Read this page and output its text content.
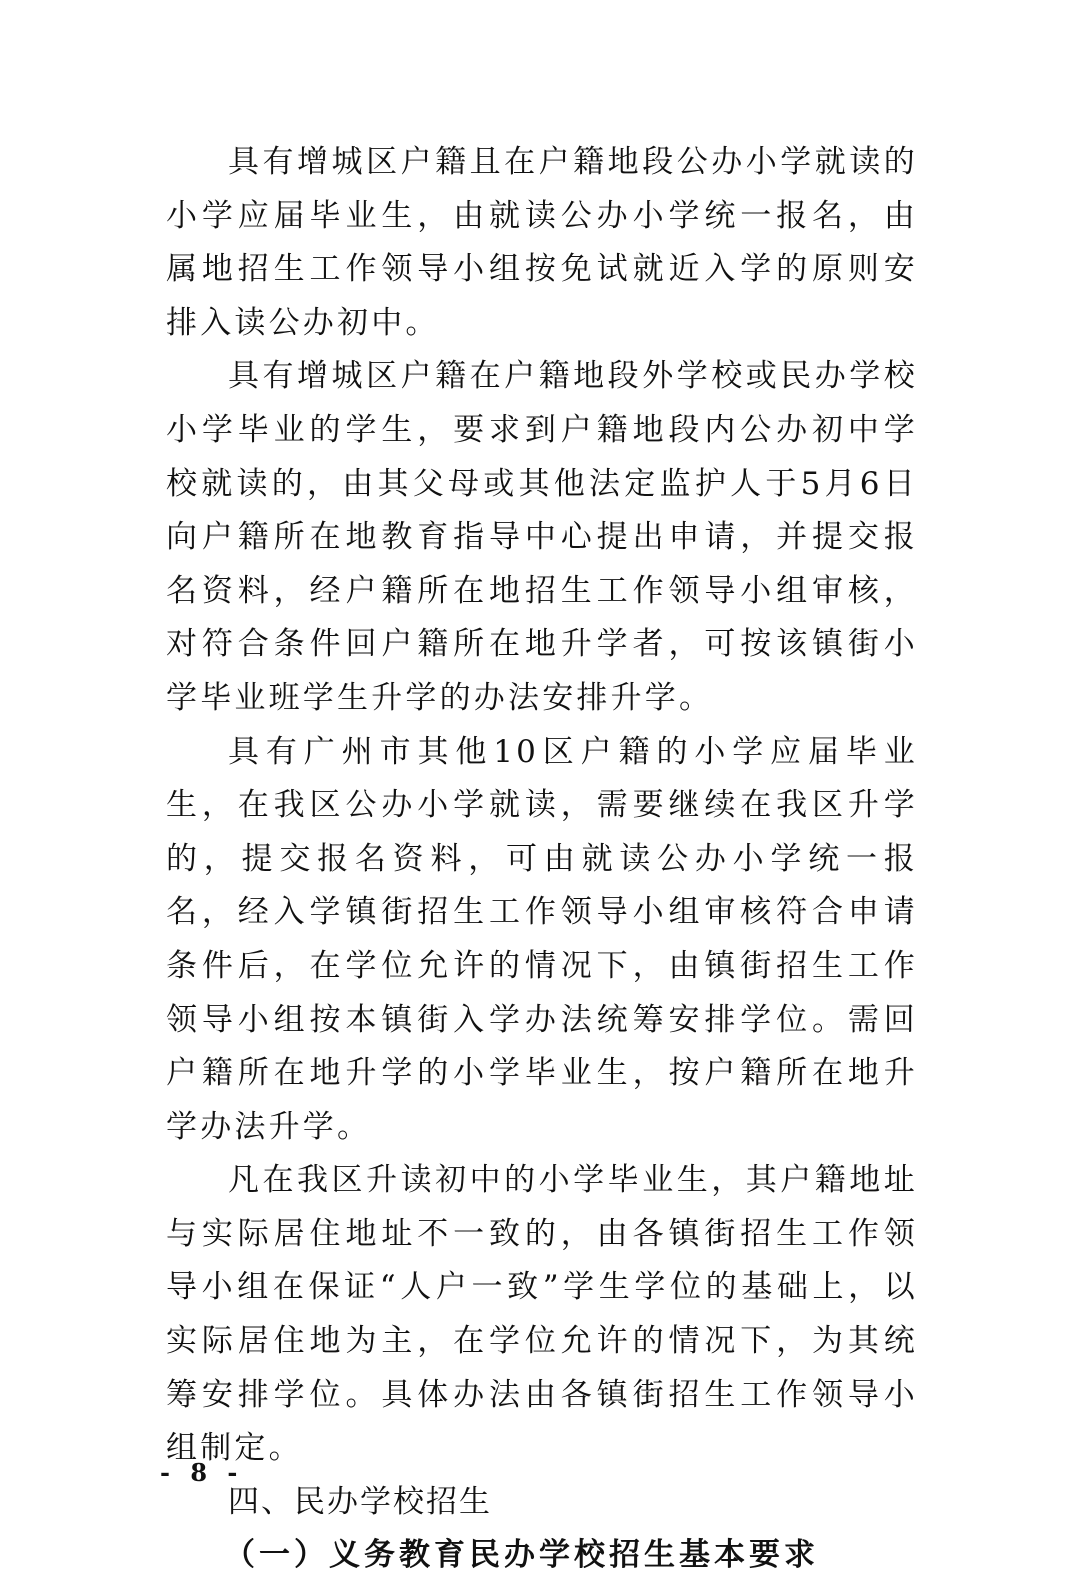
具有增城区户籍且在户籍地段公办小学就读的小学应届毕业生，由就读公办小学统一报名，由属地招生工作领导小组按免试就近入学的原则安排入读公办初中。

具有增城区户籍在户籍地段外学校或民办学校小学毕业的学生，要求到户籍地段内公办初中学校就读的，由其父母或其他法定监护人于5月6日向户籍所在地教育指导中心提出申请，并提交报名资料，经户籍所在地招生工作领导小组审核，对符合条件回户籍所在地升学者，可按该镇街小学毕业班学生升学的办法安排升学。

具有广州市其他10区户籍的小学应届毕业生，在我区公办小学就读，需要继续在我区升学的，提交报名资料，可由就读公办小学统一报名，经入学镇街招生工作领导小组审核符合申请条件后，在学位允许的情况下，由镇街招生工作领导小组按本镇街入学办法统筹安排学位。需回户籍所在地升学的小学毕业生，按户籍所在地升学办法升学。

凡在我区升读初中的小学毕业生，其户籍地址与实际居住地址不一致的，由各镇街招生工作领导小组在保证“人户一致”学生学位的基础上，以实际居住地为主，在学位允许的情况下，为其统筹安排学位。具体办法由各镇街招生工作领导小组制定。

四、民办学校招生

（一）义务教育民办学校招生基本要求

- 8 -
